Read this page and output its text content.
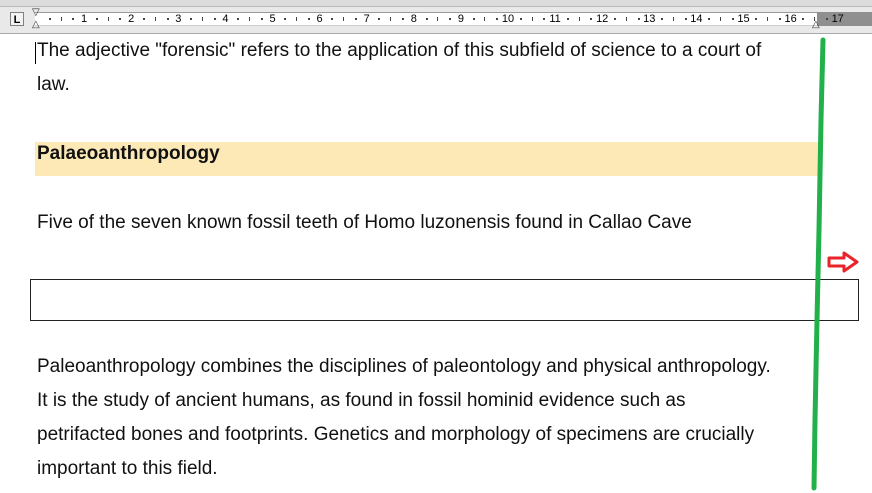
L	1	2	3	4	5	6	7	8	9	10	11	12	13	14	15	16	17
▽
△	△

The adjective "forensic" refers to the application of this subfield of science to a court of

law.

Palaeoanthropology

Five of the seven known fossil teeth of Homo luzonensis found in Callao Cave

Paleoanthropology combines the disciplines of paleontology and physical anthropology.

It is the study of ancient humans, as found in fossil hominid evidence such as

petrifacted bones and footprints. Genetics and morphology of specimens are crucially

important to this field.
